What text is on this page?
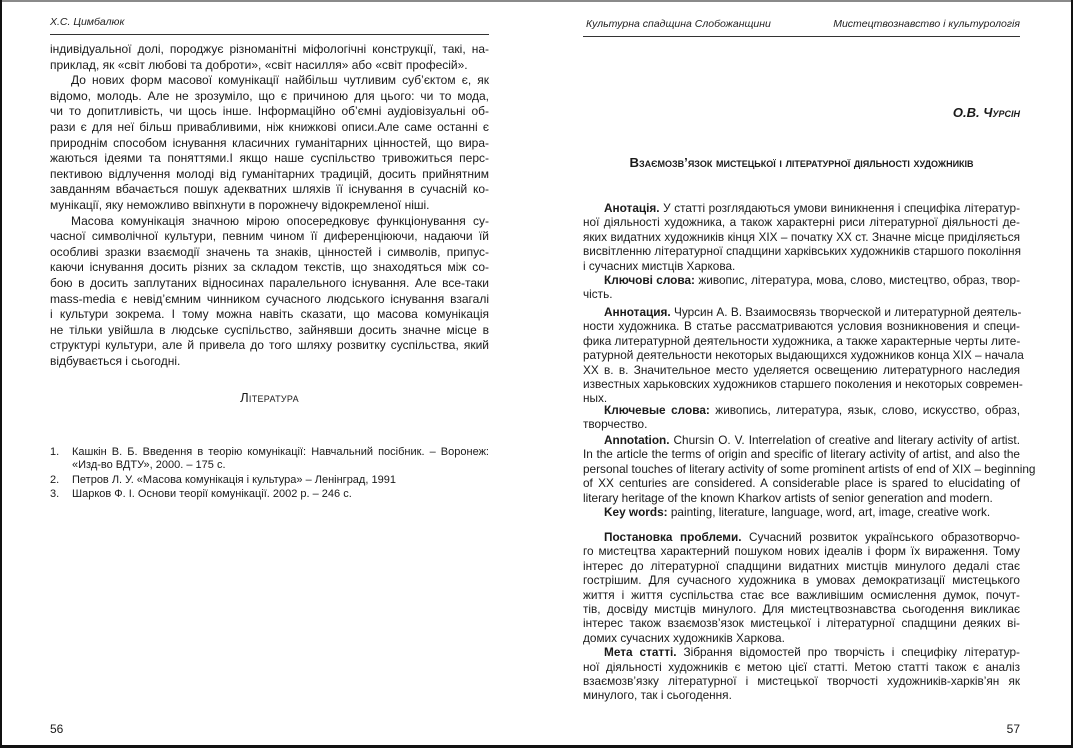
Х.С. Цимбалюк
індивідуальної долі, породжує різноманітні міфологічні конструкції, такі, на-
приклад, як «світ любові та доброти», «світ насилля» або «світ професій».
До нових форм масової комунікації найбільш чутливим суб’єктом є, як
відомо, молодь. Але не зрозуміло, що є причиною для цього: чи то мода,
чи то допитливість, чи щось інше. Інформаційно об’ємні аудіовізуальні об-
рази є для неї більш привабливими, ніж книжкові описи.Але саме останні є
природнім способом існування класичних гуманітарних цінностей, що вира-
жаються ідеями та поняттями.І якщо наше суспільство тривожиться перс-
пективою відлучення молоді від гуманітарних традицій, досить прийнятним
завданням вбачається пошук адекватних шляхів її існування в сучасній ко-
мунікації, яку неможливо ввіпхнути в порожнечу відокремленої ніші.
Масова комунікація значною мірою опосередковує функціонування су-
часної символічної культури, певним чином її диференціюючи, надаючи їй
особливі зразки взаємодії значень та знаків, цінностей і символів, припус-
каючи існування досить різних за складом текстів, що знаходяться між со-
бою в досить заплутаних відносинах паралельного існування. Але все-таки
mass-media є невід’ємним чинником сучасного людського існування взагалі
і культури зокрема. І тому можна навіть сказати, що масова комунікація
не тільки увійшла в людське суспільство, зайнявши досить значне місце в
структурі культури, але й привела до того шляху розвитку суспільства, який
відбувається і сьогодні.
Література
1. Кашкін В. Б. Введення в теорію комунікації: Навчальний посібник. – Воронеж:
«Изд-во ВДТУ», 2000. – 175 с.
2. Петров Л. У. «Масова комунікація і культура» – Ленінград, 1991
3. Шарков Ф. І. Основи теорії комунікації. 2002 р. – 246 с.
56
Культурна спадщина Слобожанщини	Мистецтвознавство і культурологія
О.В. Чурсін
Взаємозв’язок мистецької і літературної діяльності художників
Анотація. У статті розглядаються умови виникнення і специфіка літератур-
ної діяльності художника, а також характерні риси літературної діяльності де-
яких видатних художників кінця XIX – початку XX ст. Значне місце приділяється
висвітленню літературної спадщини харківських художників старшого покоління
і сучасних мистців Харкова.
Ключові слова: живопис, література, мова, слово, мистецтво, образ, твор-
чість.
Аннотация. Чурсин А. В. Взаимосвязь творческой и литературной деятель-
ности художника. В статье рассматриваются условия возникновения и специ-
фика литературной деятельности художника, а также характерные черты лите-
ратурной деятельности некоторых выдающихся художников конца XIX – начала
XX в. в. Значительное место уделяется освещению литературного наследия
известных харьковских художников старшего поколения и некоторых современ-
ных.
Ключевые слова: живопись, литература, язык, слово, искусство, образ,
творчество.
Annotation. Chursin O. V. Interrelation of creative and literary activity of artist.
In the article the terms of origin and specific of literary activity of artist, and also the
personal touches of literary activity of some prominent artists of end of XIX – beginning
of XX centuries are considered. A considerable place is spared to elucidating of
literary heritage of the known Kharkov artists of senior generation and modern.
Key words: painting, literature, language, word, art, image, creative work.
Постановка проблеми. Сучасний розвиток українського образотворчо-
го мистецтва характерний пошуком нових ідеалів і форм їх вираження. Тому
інтерес до літературної спадщини видатних мистців минулого дедалі стає
гострішим. Для сучасного художника в умовах демократизації мистецького
життя і життя суспільства стає все важливішим осмислення думок, почут-
тів, досвіду мистців минулого. Для мистецтвознавства сьогодення викликає
інтерес також взаємозв’язок мистецької і літературної спадщини деяких ві-
домих сучасних художників Харкова.
Мета статті. Зібрання відомостей про творчість і специфіку літератур-
ної діяльності художників є метою цієї статті. Метою статті також є аналіз
взаємозв’язку літературної і мистецької творчості художників-харків’ян як
минулого, так і сьогодення.
57
